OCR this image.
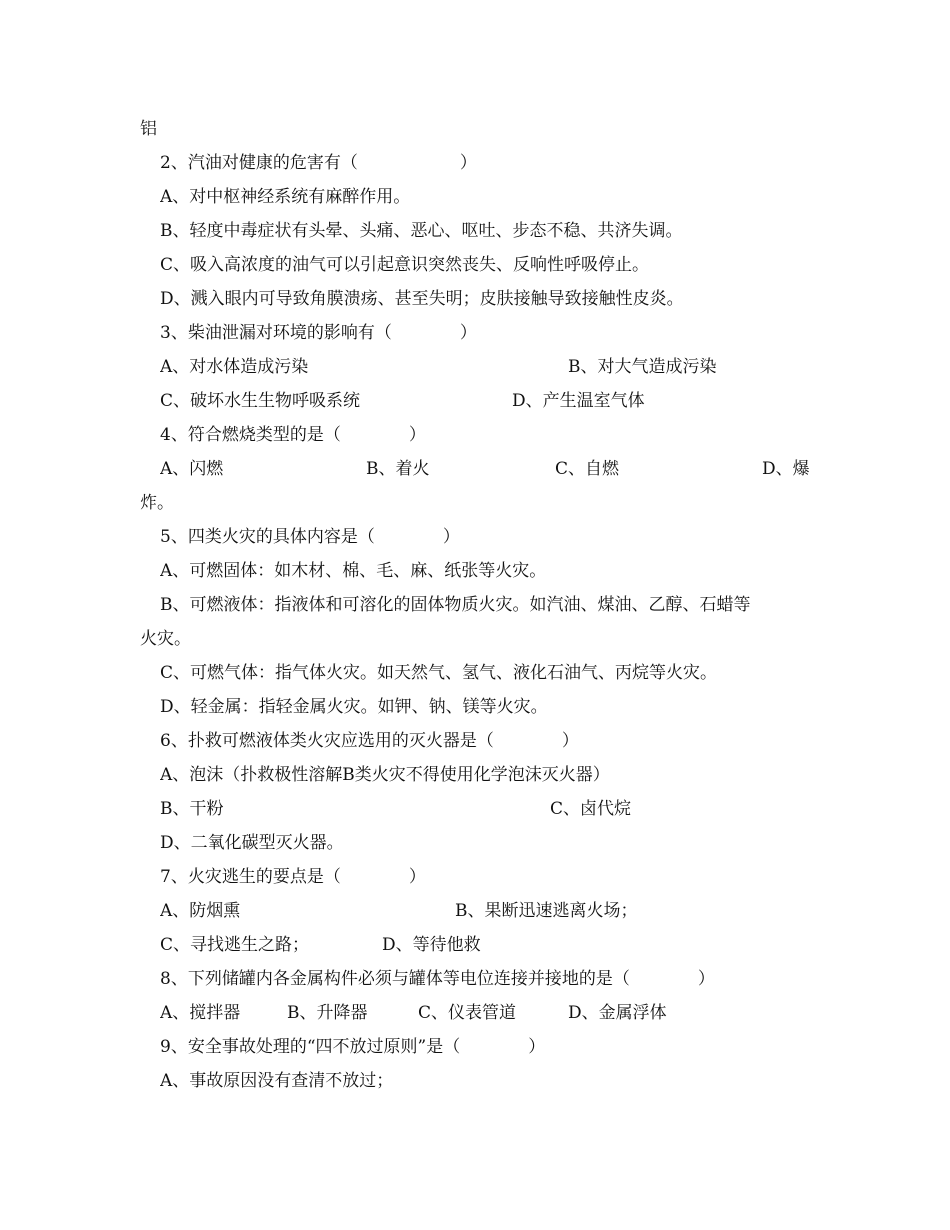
铝
2、汽油对健康的危害有（　　　　　　）
A、对中枢神经系统有麻醉作用。
B、轻度中毒症状有头晕、头痛、恶心、呕吐、步态不稳、共济失调。
C、吸入高浓度的油气可以引起意识突然丧失、反响性呼吸停止。
D、溅入眼内可导致角膜溃疡、甚至失明；皮肤接触导致接触性皮炎。
3、柴油泄漏对环境的影响有（　　　　）
A、对水体造成污染	B、对大气造成污染
C、破坏水生生物呼吸系统	D、产生温室气体
4、符合燃烧类型的是（　　　　）
A、闪燃	B、着火	C、自燃	D、爆
炸。
5、四类火灾的具体内容是（　　　　）
A、可燃固体：如木材、棉、毛、麻、纸张等火灾。
B、可燃液体：指液体和可溶化的固体物质火灾。如汽油、煤油、乙醇、石蜡等
火灾。
C、可燃气体：指气体火灾。如天然气、氢气、液化石油气、丙烷等火灾。
D、轻金属：指轻金属火灾。如钾、钠、镁等火灾。
6、扑救可燃液体类火灾应选用的灭火器是（　　　　）
A、泡沫（扑救极性溶解B类火灾不得使用化学泡沫灭火器）
B、干粉	C、卤代烷
D、二氧化碳型灭火器。
7、火灾逃生的要点是（　　　　）
A、防烟熏	B、果断迅速逃离火场；
C、寻找逃生之路；	D、等待他救
8、下列储罐内各金属构件必须与罐体等电位连接并接地的是（　　　　）
A、搅拌器	B、升降器	C、仪表管道	D、金属浮体
9、安全事故处理的“四不放过原则”是（　　　　）
A、事故原因没有查清不放过；
